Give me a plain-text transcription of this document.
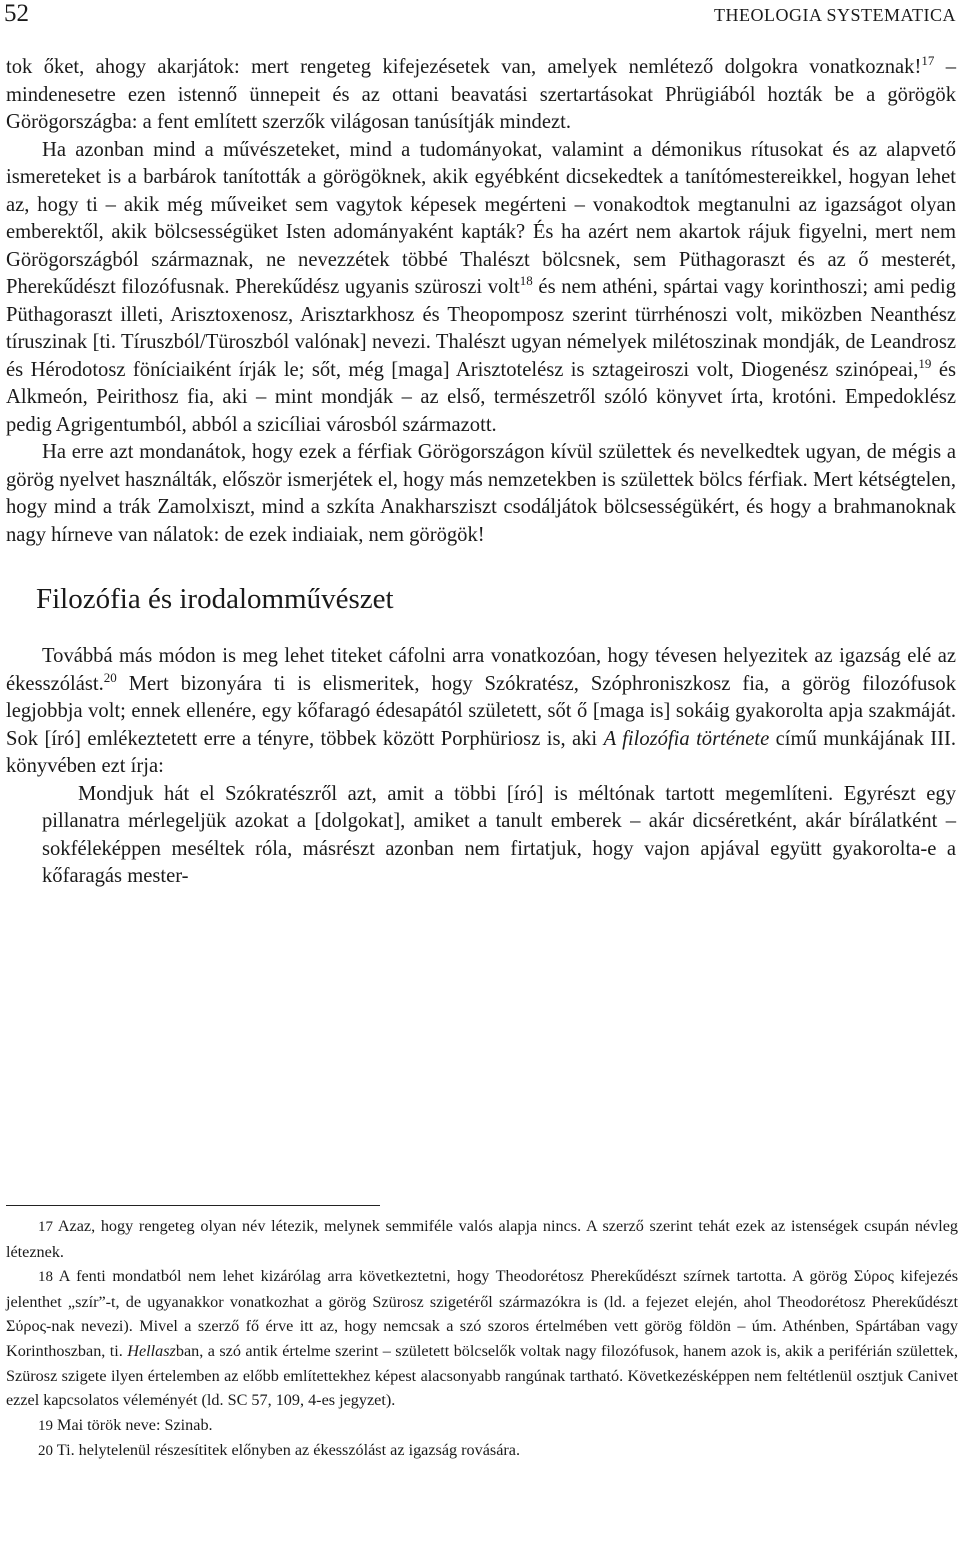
52	THEOLOGIA SYSTEMATICA

tok őket, ahogy akarjátok: mert rengeteg kifejezésetek van, amelyek nemlétező dolgokra vonatkoznak!$^{17}$ – mindenesetre ezen istennő ünnepeit és az ottani beavatási szertartásokat Phrügiából hozták be a görögök Görögországba: a fent említett szerzők világosan tanúsítják mindezt.

Ha azonban mind a művészeteket, mind a tudományokat, valamint a démonikus rítusokat és az alapvető ismereteket is a barbárok tanították a görögöknek, akik egyébként dicsekedtek a tanítómestereikkel, hogyan lehet az, hogy ti – akik még műveiket sem vagytok képesek megérteni – vonakodtok megtanulni az igazságot olyan emberektől, akik bölcsességüket Isten adományaként kapták? És ha azért nem akartok rájuk figyelni, mert nem Görögországból származnak, ne nevezzétek többé Thalészt bölcsnek, sem Püthagoraszt és az ő mesterét, Pherekűdészt filozófusnak. Pherekűdész ugyanis szüroszi volt$^{18}$ és nem athéni, spártai vagy korinthoszi; ami pedig Püthagoraszt illeti, Arisztoxenosz, Arisztarkhosz és Theopomposz szerint türrhénoszi volt, miközben Neanthész tíruszinak [ti. Tíruszból/Türoszból valónak] nevezi. Thalészt ugyan némelyek milétoszinak mondják, de Leandrosz és Hérodotosz föníciaiként írják le; sőt, még [maga] Arisztotelész is sztageiroszi volt, Diogenész szinópeai,$^{19}$ és Alkmeón, Peirithosz fia, aki – mint mondják – az első, természetről szóló könyvet írta, krotóni. Empedoklész pedig Agrigentumból, abból a szicíliai városból származott.

Ha erre azt mondanátok, hogy ezek a férfiak Görögországon kívül születtek és nevelkedtek ugyan, de mégis a görög nyelvet használták, először ismerjétek el, hogy más nemzetekben is születtek bölcs férfiak. Mert kétségtelen, hogy mind a trák Zamolxiszt, mind a szkíta Anakharsziszt csodáljátok bölcsességükért, és hogy a brahmanoknak nagy hírneve van nálatok: de ezek indiaiak, nem görögök!

Filozófia és irodalomművészet

Továbbá más módon is meg lehet titeket cáfolni arra vonatkozóan, hogy tévesen helyezitek az igazság elé az ékesszólást.$^{20}$ Mert bizonyára ti is elismeritek, hogy Szókratész, Szóphroniszkosz fia, a görög filozófusok legjobbja volt; ennek ellenére, egy kőfaragó édesapától született, sőt ő [maga is] sokáig gyakorolta apja szakmáját. Sok [író] emlékeztetett erre a tényre, többek között Porphüriosz is, aki A filozófia története című munkájának III. könyvében ezt írja:

Mondjuk hát el Szókratészről azt, amit a többi [író] is méltónak tartott megemlíteni. Egyrészt egy pillanatra mérlegeljük azokat a [dolgokat], amiket a tanult emberek – akár dicséretként, akár bírálatként – sokféleképpen meséltek róla, másrészt azonban nem firtatjuk, hogy vajon apjával együtt gyakorolta-e a kőfaragás mester-

17 Azaz, hogy rengeteg olyan név létezik, melynek semmiféle valós alapja nincs. A szerző szerint tehát ezek az istenségek csupán névleg léteznek.

18 A fenti mondatból nem lehet kizárólag arra következtetni, hogy Theodorétosz Pherekűdészt szírnek tartotta. A görög Σύρος kifejezés jelenthet „szír”-t, de ugyanakkor vonatkozhat a görög Szürosz szigetéről származókra is (ld. a fejezet elején, ahol Theodorétosz Pherekűdészt Σύρος-nak nevezi). Mivel a szerző fő érve itt az, hogy nemcsak a szó szoros értelmében vett görög földön – úm. Athénben, Spártában vagy Korinthoszban, ti. Hellaszban, a szó antik értelme szerint – született bölcselők voltak nagy filozófusok, hanem azok is, akik a periférián születtek, Szürosz szigete ilyen értelemben az előbb említettekhez képest alacsonyabb rangúnak tartható. Következésképpen nem feltétlenül osztjuk Canivet ezzel kapcsolatos véleményét (ld. SC 57, 109, 4-es jegyzet).

19 Mai török neve: Szinab.

20 Ti. helytelenül részesítitek előnyben az ékesszólást az igazság rovására.
